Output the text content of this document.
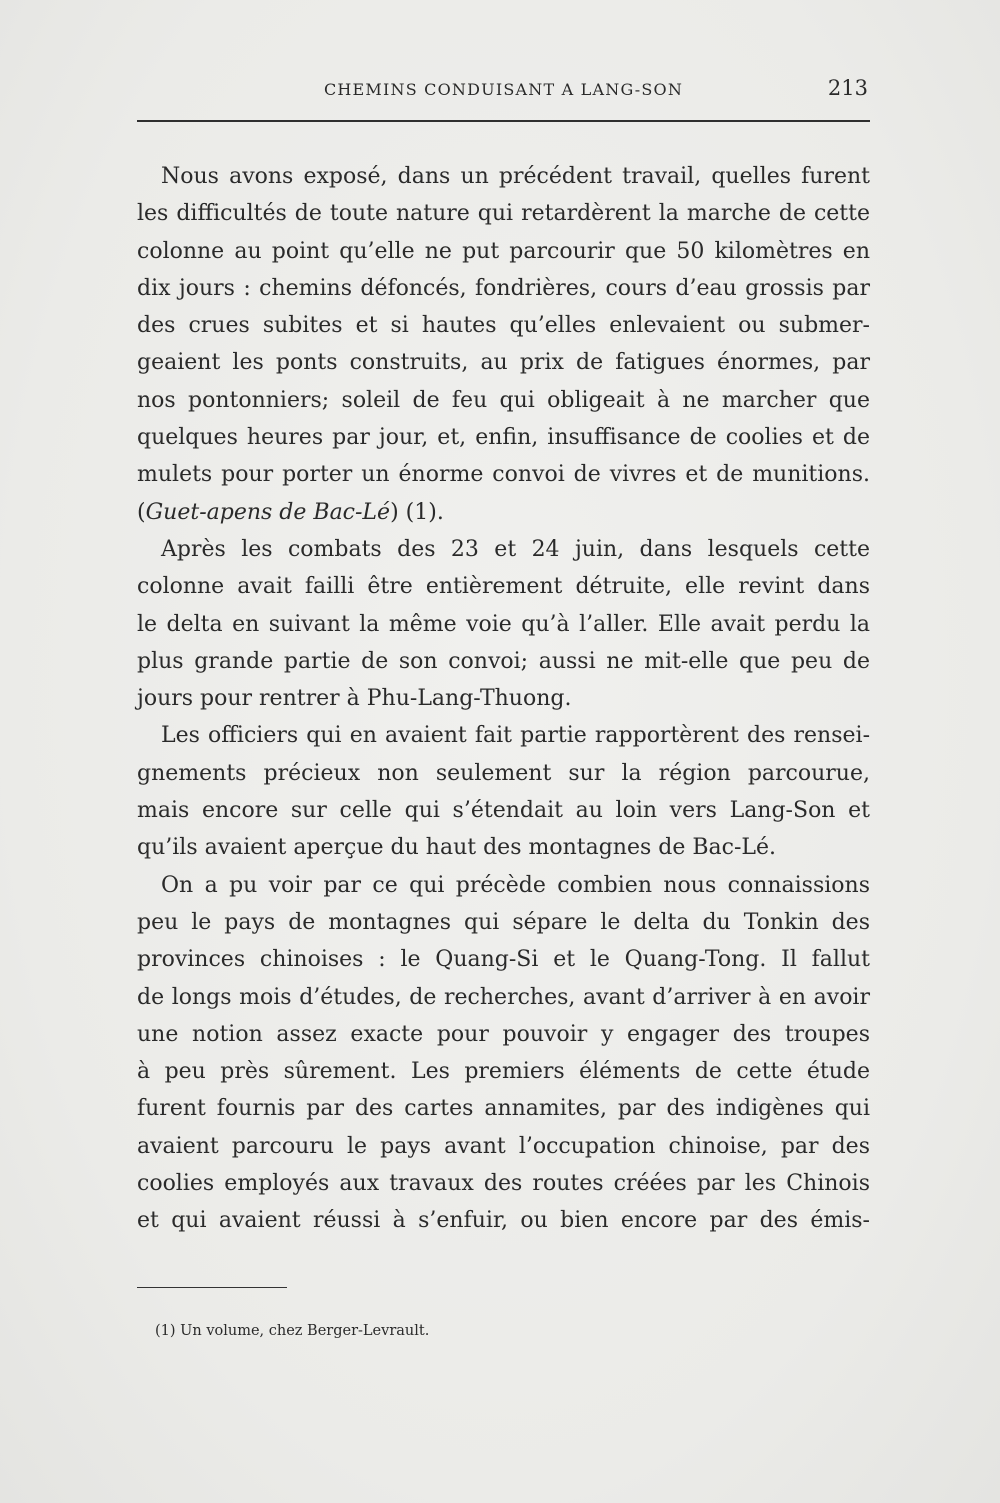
CHEMINS CONDUISANT A LANG-SON	213
Nous avons exposé, dans un précédent travail, quelles furent
les difficultés de toute nature qui retardèrent la marche de cette
colonne au point qu’elle ne put parcourir que 50 kilomètres en
dix jours : chemins défoncés, fondrières, cours d’eau grossis par
des crues subites et si hautes qu’elles enlevaient ou submer-
geaient les ponts construits, au prix de fatigues énormes, par
nos pontonniers; soleil de feu qui obligeait à ne marcher que
quelques heures par jour, et, enfin, insuffisance de coolies et de
mulets pour porter un énorme convoi de vivres et de munitions.
(Guet-apens de Bac-Lé) (1).
Après les combats des 23 et 24 juin, dans lesquels cette
colonne avait failli être entièrement détruite, elle revint dans
le delta en suivant la même voie qu’à l’aller. Elle avait perdu la
plus grande partie de son convoi; aussi ne mit-elle que peu de
jours pour rentrer à Phu-Lang-Thuong.
Les officiers qui en avaient fait partie rapportèrent des rensei-
gnements précieux non seulement sur la région parcourue,
mais encore sur celle qui s’étendait au loin vers Lang-Son et
qu’ils avaient aperçue du haut des montagnes de Bac-Lé.
On a pu voir par ce qui précède combien nous connaissions
peu le pays de montagnes qui sépare le delta du Tonkin des
provinces chinoises : le Quang-Si et le Quang-Tong. Il fallut
de longs mois d’études, de recherches, avant d’arriver à en avoir
une notion assez exacte pour pouvoir y engager des troupes
à peu près sûrement. Les premiers éléments de cette étude
furent fournis par des cartes annamites, par des indigènes qui
avaient parcouru le pays avant l’occupation chinoise, par des
coolies employés aux travaux des routes créées par les Chinois
et qui avaient réussi à s’enfuir, ou bien encore par des émis-
(1) Un volume, chez Berger-Levrault.
